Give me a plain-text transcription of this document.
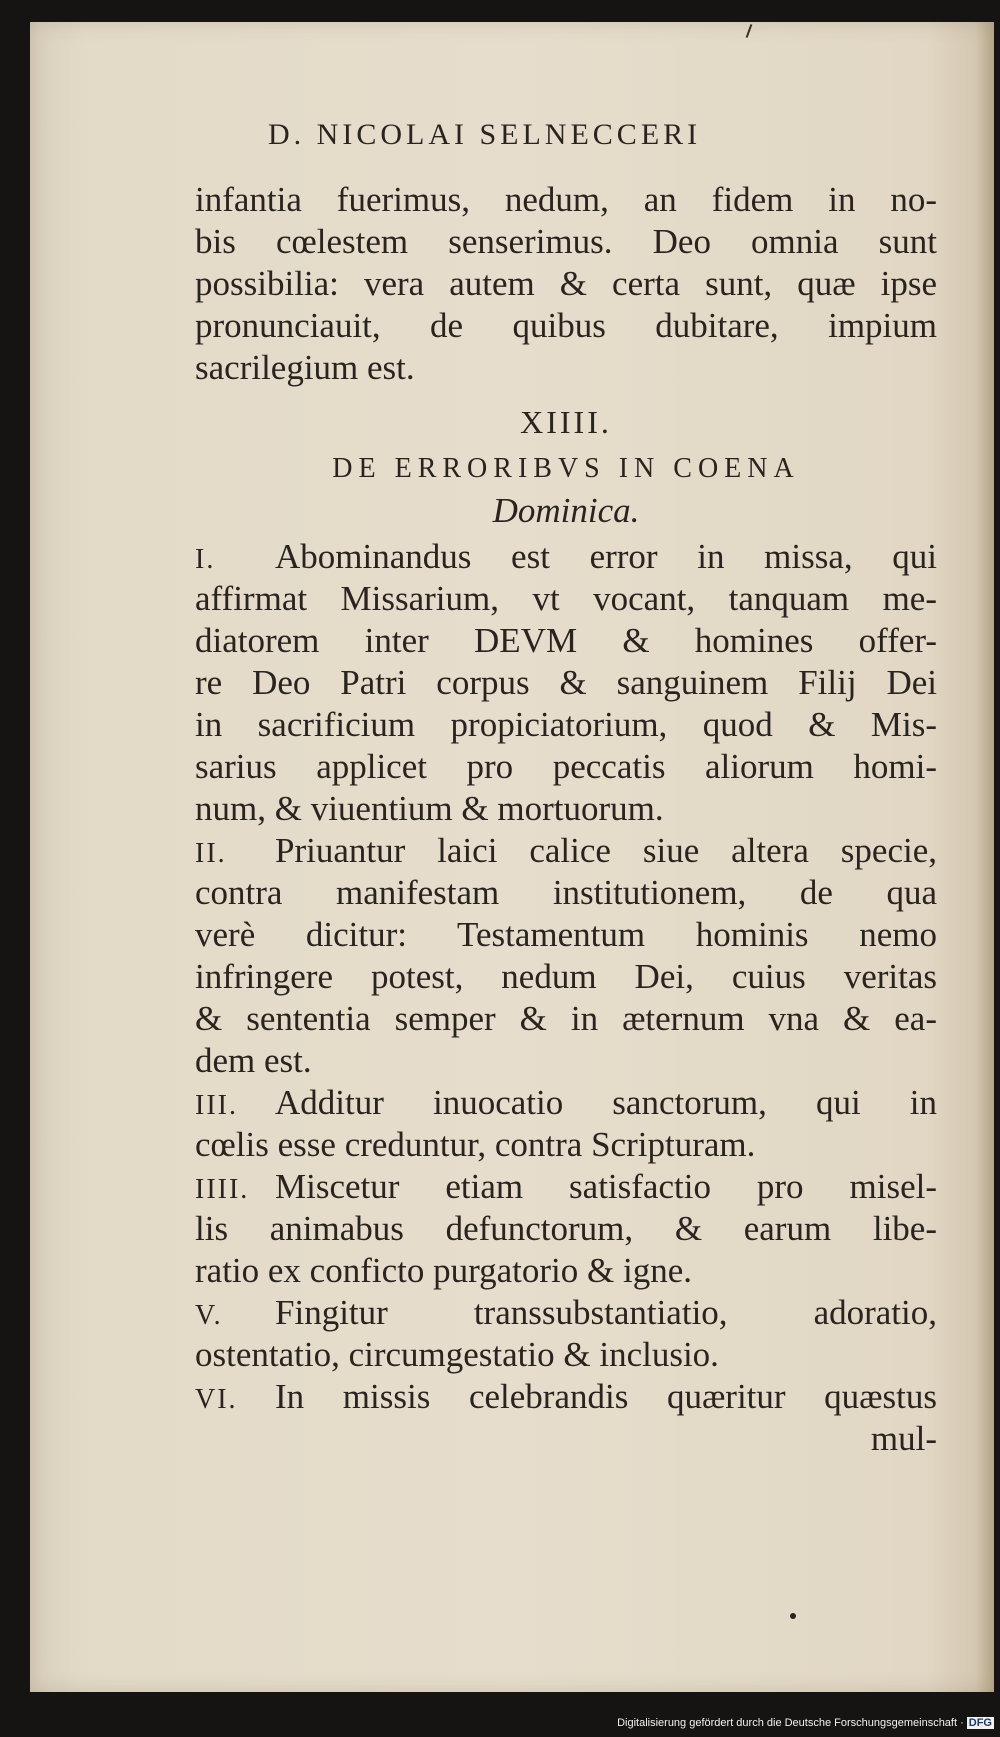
D. NICOLAI SELNECCERI
infantia fuerimus, nedum, an fidem in no-
bis cœlestem senserimus. Deo omnia sunt
possibilia: vera autem & certa sunt, quæ ipse
pronunciauit, de quibus dubitare, impium
sacrilegium est.
XIIII.
DE ERRORIBVS IN COENA
Dominica.
I. Abominandus est error in missa, qui
affirmat Missarium, vt vocant, tanquam me-
diatorem inter DEVM & homines offer-
re Deo Patri corpus & sanguinem Filij Dei
in sacrificium propiciatorium, quod & Mis-
sarius applicet pro peccatis aliorum homi-
num, & viuentium & mortuorum.
II. Priuantur laici calice siue altera specie,
contra manifestam institutionem, de qua
verè dicitur: Testamentum hominis nemo
infringere potest, nedum Dei, cuius veritas
& sententia semper & in æternum vna & ea-
dem est.
III. Additur inuocatio sanctorum, qui in
cœlis esse creduntur, contra Scripturam.
IIII. Miscetur etiam satisfactio pro misel-
lis animabus defunctorum, & earum libe-
ratio ex conficto purgatorio & igne.
V. Fingitur transsubstantiatio, adoratio,
ostentatio, circumgestatio & inclusio.
VI. In missis celebrandis quæritur quæstus
mul-
Digitalisierung gefördert durch die Deutsche Forschungsgemeinschaft · DFG
